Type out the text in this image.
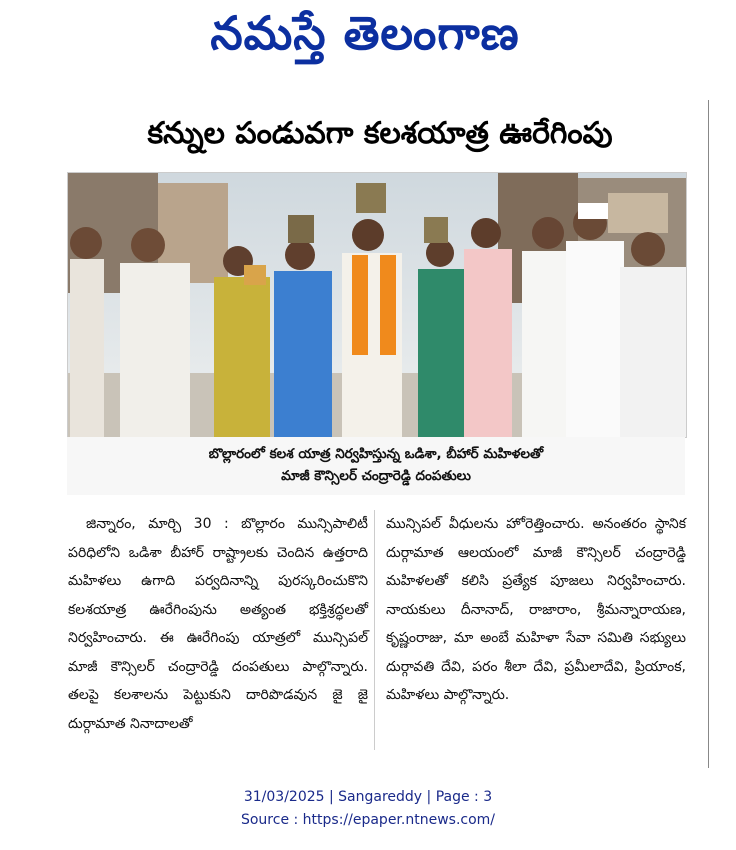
నమస్తే తెలంగాణ
కన్నుల పండువగా కలశయాత్ర ఊరేగింపు
బొల్లారంలో కలశ యాత్ర నిర్వహిస్తున్న ఒడిశా, బీహార్ మహిళలతో
మాజీ కౌన్సిలర్ చంద్రారెడ్డి దంపతులు

జిన్నారం, మార్చి 30 : బొల్లారం మున్సిపాలిటీ పరిధిలోని ఒడిశా బీహార్ రాష్ట్రాలకు చెందిన ఉత్తరాది మహిళలు ఉగాది పర్వదినాన్ని పురస్కరించుకొని కలశయాత్ర ఊరేగింపును అత్యంత భక్తిశ్రద్ధలతో నిర్వహించారు. ఈ ఊరేగింపు యాత్రలో మున్సిపల్ మాజీ కౌన్సిలర్ చంద్రారెడ్డి దంపతులు పాల్గొన్నారు. తలపై కలశాలను పెట్టుకుని దారిపొడవున జై జై దుర్గామాత నినాదాలతో

మున్సిపల్ వీధులను హోరెత్తించారు. అనంతరం స్థానిక దుర్గామాత ఆలయంలో మాజీ కౌన్సిలర్ చంద్రారెడ్డి మహిళలతో కలిసి ప్రత్యేక పూజలు నిర్వహించారు. నాయకులు దీనానాద్, రాజారాం, శ్రీమన్నారాయణ, కృష్ణంరాజు, మా అంబే మహిళా సేవా సమితి సభ్యులు దుర్గావతి దేవి, పరం శీలా దేవి, ప్రమీలాదేవి, ప్రియాంక, మహిళలు పాల్గొన్నారు.

31/03/2025 | Sangareddy | Page : 3
Source : https://epaper.ntnews.com/
